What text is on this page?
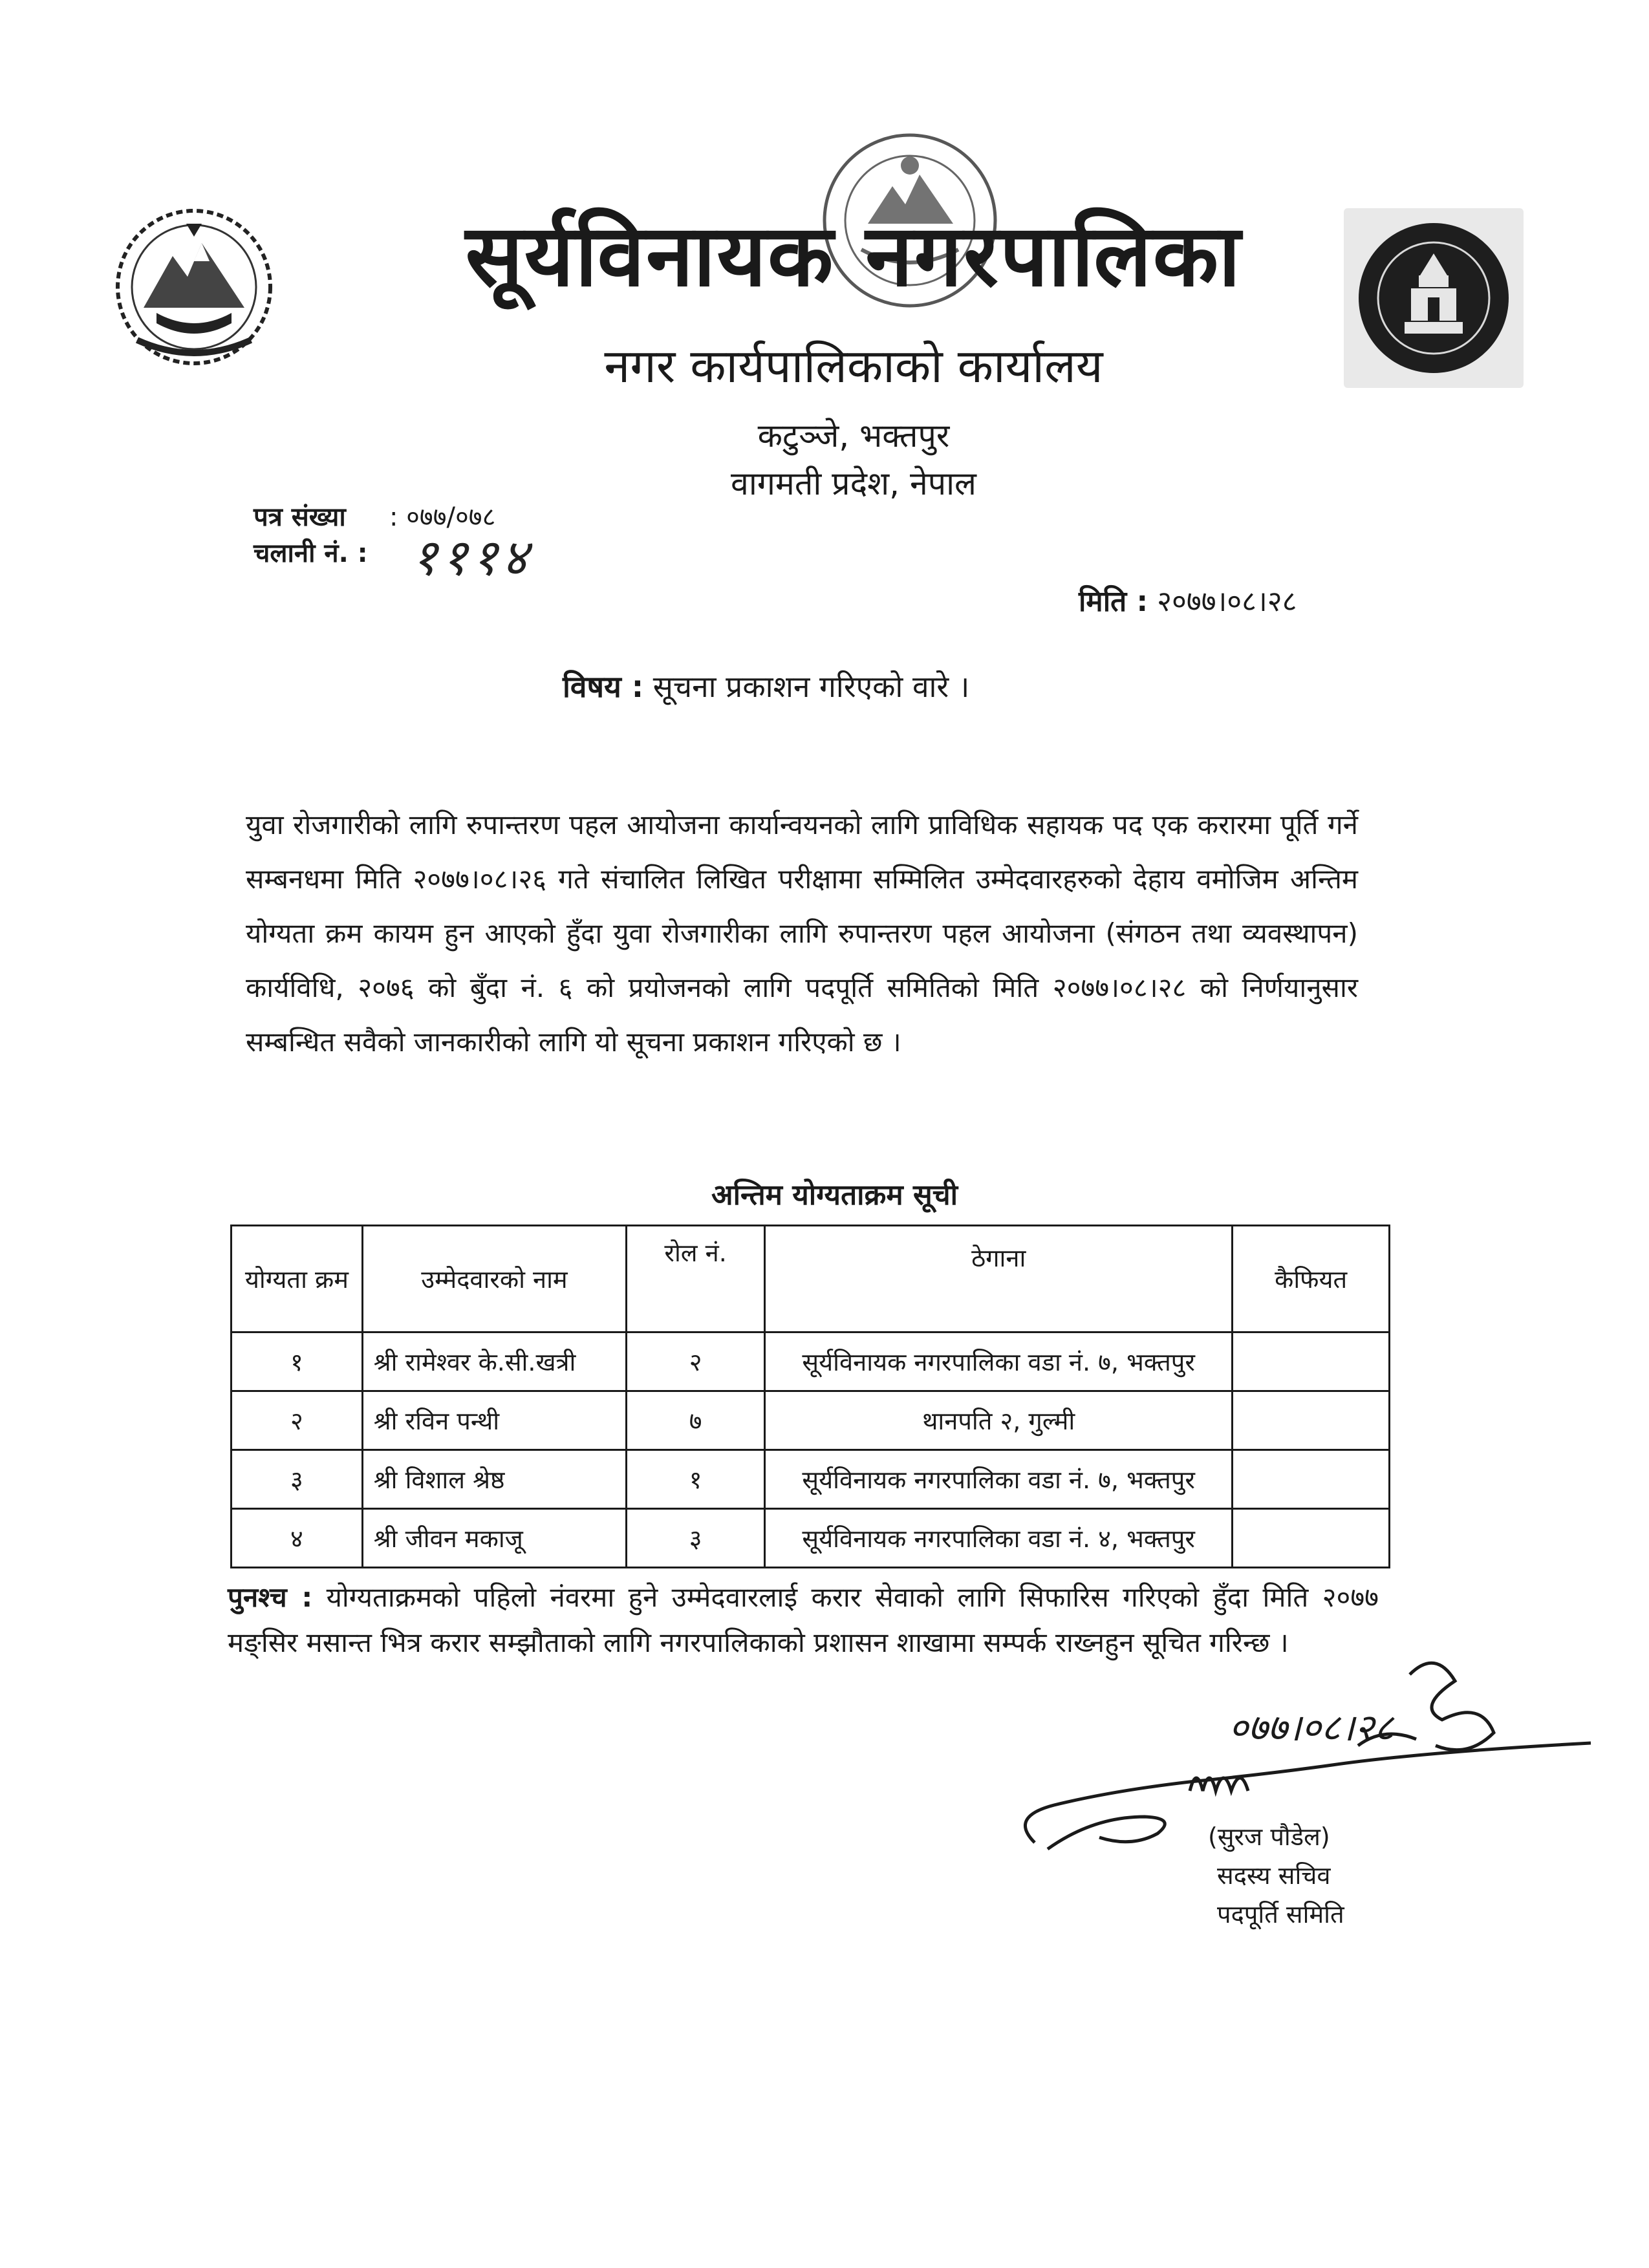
सूर्यविनायक नगरपालिका
नगर कार्यपालिकाको कार्यालय
कटुञ्जे, भक्तपुर
वागमती प्रदेश, नेपाल
पत्र संख्या : ०७७/०७८
चलानी नं. : १११४
मिति : २०७७।०८।२८
विषय : सूचना प्रकाशन गरिएको वारे ।
युवा रोजगारीको लागि रुपान्तरण पहल आयोजना कार्यान्वयनको लागि प्राविधिक सहायक पद एक करारमा पूर्ति गर्ने सम्बनधमा मिति २०७७।०८।२६ गते संचालित लिखित परीक्षामा सम्मिलित उम्मेदवारहरुको देहाय वमोजिम अन्तिम योग्यता क्रम कायम हुन आएको हुँदा युवा रोजगारीका लागि रुपान्तरण पहल आयोजना (संगठन तथा व्यवस्थापन) कार्यविधि, २०७६ को बुँदा नं. ६ को प्रयोजनको लागि पदपूर्ति समितिको मिति २०७७।०८।२८ को निर्णयानुसार सम्बन्धित सवैको जानकारीको लागि यो सूचना प्रकाशन गरिएको छ ।
अन्तिम योग्यताक्रम सूची
योग्यता क्रम	उम्मेदवारको नाम	रोल नं.	ठेगाना	कैफियत
१	श्री रामेश्वर के.सी.खत्री	२	सूर्यविनायक नगरपालिका वडा नं. ७, भक्तपुर	
२	श्री रविन पन्थी	७	थानपति २, गुल्मी	
३	श्री विशाल श्रेष्ठ	१	सूर्यविनायक नगरपालिका वडा नं. ७, भक्तपुर	
४	श्री जीवन मकाजू	३	सूर्यविनायक नगरपालिका वडा नं. ४, भक्तपुर	
पुनश्च : योग्यताक्रमको पहिलो नंवरमा हुने उम्मेदवारलाई करार सेवाको लागि सिफारिस गरिएको हुँदा मिति २०७७ मङ्सिर मसान्त भित्र करार सम्झौताको लागि नगरपालिकाको प्रशासन शाखामा सम्पर्क राख्नहुन सूचित गरिन्छ ।
०७७।०८।२८
(सुरज पौडेल)
सदस्य सचिव
पदपूर्ति समिति
